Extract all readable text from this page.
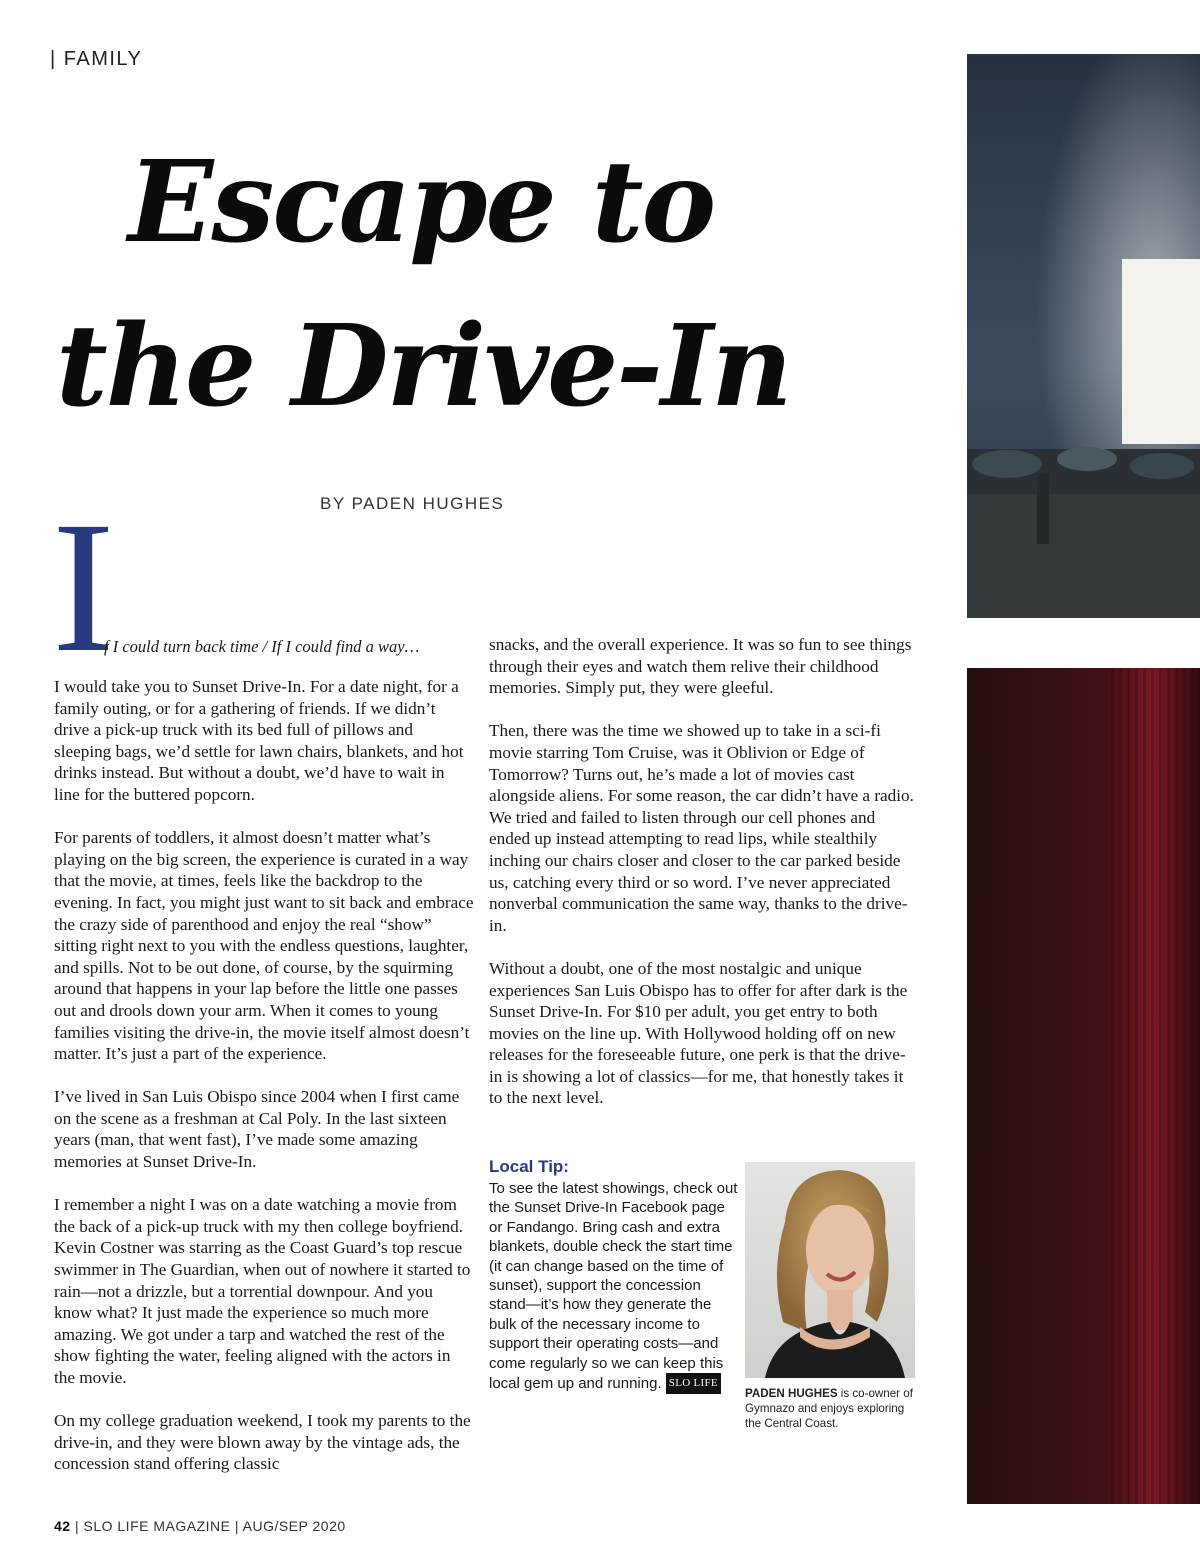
| FAMILY
Escape to
the Drive-In
BY PADEN HUGHES
I
f I could turn back time / If I could find a way…

I would take you to Sunset Drive-In. For a date night, for a family outing, or for a gathering of friends. If we didn’t drive a pick-up truck with its bed full of pillows and sleeping bags, we’d settle for lawn chairs, blankets, and hot drinks instead. But without a doubt, we’d have to wait in line for the buttered popcorn.

For parents of toddlers, it almost doesn’t matter what’s playing on the big screen, the experience is curated in a way that the movie, at times, feels like the backdrop to the evening. In fact, you might just want to sit back and embrace the crazy side of parenthood and enjoy the real “show” sitting right next to you with the endless questions, laughter, and spills. Not to be out done, of course, by the squirming around that happens in your lap before the little one passes out and drools down your arm. When it comes to young families visiting the drive-in, the movie itself almost doesn’t matter. It’s just a part of the experience.

I’ve lived in San Luis Obispo since 2004 when I first came on the scene as a freshman at Cal Poly. In the last sixteen years (man, that went fast), I’ve made some amazing memories at Sunset Drive-In.

I remember a night I was on a date watching a movie from the back of a pick-up truck with my then college boyfriend. Kevin Costner was starring as the Coast Guard’s top rescue swimmer in The Guardian, when out of nowhere it started to rain—not a drizzle, but a torrential downpour. And you know what? It just made the experience so much more amazing. We got under a tarp and watched the rest of the show fighting the water, feeling aligned with the actors in the movie.

On my college graduation weekend, I took my parents to the drive-in, and they were blown away by the vintage ads, the concession stand offering classic

snacks, and the overall experience. It was so fun to see things through their eyes and watch them relive their childhood memories. Simply put, they were gleeful.

Then, there was the time we showed up to take in a sci-fi movie starring Tom Cruise, was it Oblivion or Edge of Tomorrow? Turns out, he’s made a lot of movies cast alongside aliens. For some reason, the car didn’t have a radio. We tried and failed to listen through our cell phones and ended up instead attempting to read lips, while stealthily inching our chairs closer and closer to the car parked beside us, catching every third or so word. I’ve never appreciated nonverbal communication the same way, thanks to the drive-in.

Without a doubt, one of the most nostalgic and unique experiences San Luis Obispo has to offer for after dark is the Sunset Drive-In. For $10 per adult, you get entry to both movies on the line up. With Hollywood holding off on new releases for the foreseeable future, one perk is that the drive-in is showing a lot of classics—for me, that honestly takes it to the next level.

Local Tip:
To see the latest showings, check out the Sunset Drive-In Facebook page or Fandango. Bring cash and extra blankets, double check the start time (it can change based on the time of sunset), support the concession stand—it’s how they generate the bulk of the necessary income to support their operating costs—and come regularly so we can keep this local gem up and running. SLO LIFE
PADEN HUGHES is co-owner of Gymnazo and enjoys exploring the Central Coast.
42 | SLO LIFE MAGAZINE | AUG/SEP 2020
